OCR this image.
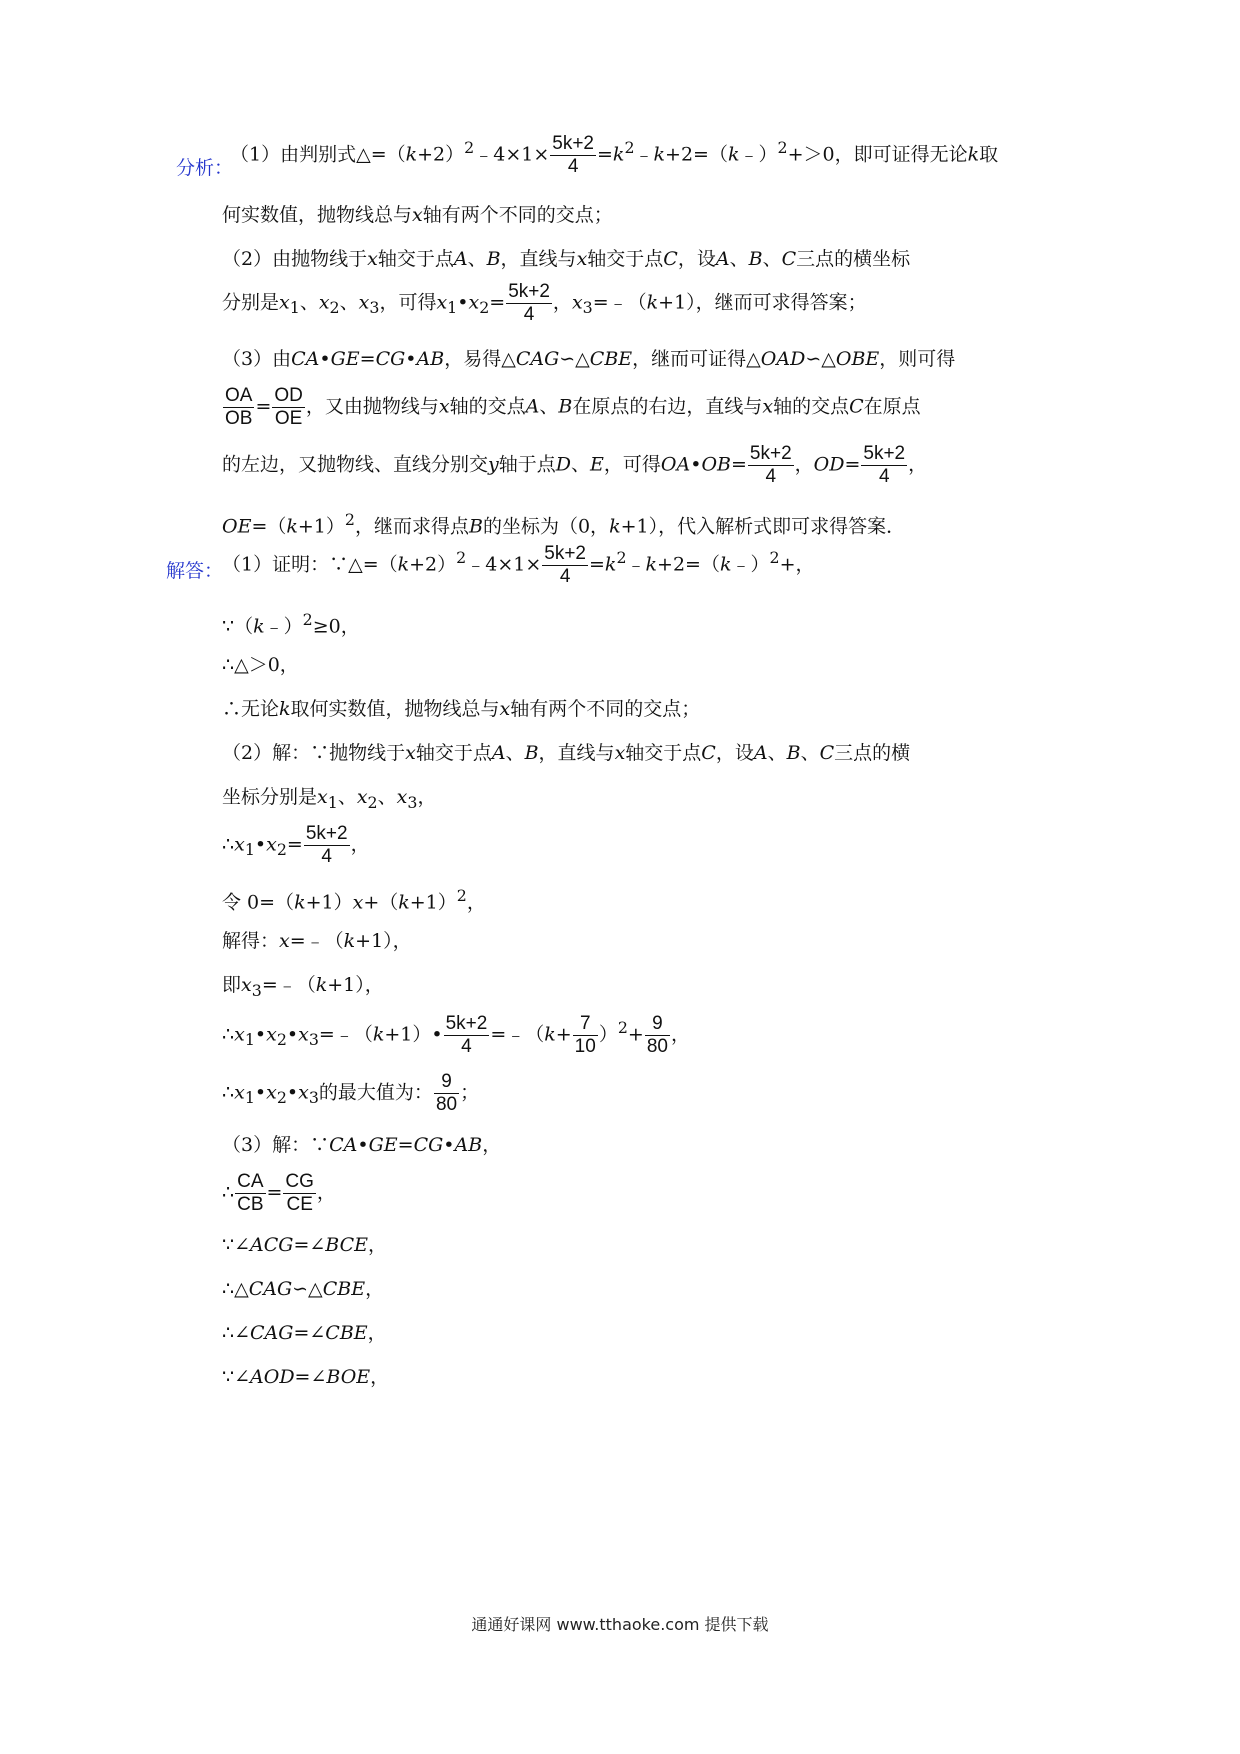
分析：
（1）由判别式$\triangle=(k+2)^2﹣4\times 1\times \frac{5k+2}{4}$ $=k^2﹣k+2=(k﹣)^2+>0$，即可证得无论k取
何实数值，抛物线总与x轴有两个不同的交点；
（2）由抛物线于x轴交于点A、B，直线与x轴交于点C，设A、B、C三点的横坐标
分别是$x_1$、$x_2$、$x_3$，可得$x_1•x_2= \frac{5k+2}{4}$ ，$x_3=﹣(k+1)$，继而可求得答案；
（3）由CA•GE=CG•AB，易得△CAG∽△CBE，继而可证得△OAD∽△OBE，则可得
$\frac{OA}{OB} = \frac{OD}{OE}$ ，又由抛物线与x轴的交点A、B在原点的右边，直线与x轴的交点C在原点
的左边，又抛物线、直线分别交y轴于点D、E，可得OA•OB= $\frac{5k+2}{4}$ ，$OD= \frac{5k+2}{4}$ ，
$OE=(k+1)^2$，继而求得点B的坐标为（0，k+1），代入解析式即可求得答案．
解答：
（1）证明：$\because\triangle=(k+2)^2﹣4\times 1\times \frac{5k+2}{4}$ $=k^2﹣k+2=(k﹣)^2+$，
∵（k﹣）$^2$≥0，
∴△＞0，
∴无论k取何实数值，抛物线总与x轴有两个不同的交点；
（2）解：∵抛物线于x轴交于点A、B，直线与x轴交于点C，设A、B、C三点的横
坐标分别是$x_1$、$x_2$、$x_3$，
$\therefore x_1•x_2= \frac{5k+2}{4}$ ，
令 $0=(k+1)x+(k+1)^2$，
解得：x=﹣（k+1），
即$x_3=﹣(k+1)$，
$\therefore x_1•x_2•x_3=﹣(k+1)• \frac{5k+2}{4}$ =﹣（k+ $\frac{7}{10} )^2+ \frac{9}{80}$ ，
$\therefore x_1•x_2•x_3$的最大值为： $\frac{9}{80}$ ；
（3）解：∵CA•GE=CG•AB，
∴ $\frac{CA}{CB} = \frac{CG}{CE}$ ，
∵∠ACG=∠BCE，
∴△CAG∽△CBE，
∴∠CAG=∠CBE，
∵∠AOD=∠BOE，
通通好课网 www.tthaoke.com 提供下载
